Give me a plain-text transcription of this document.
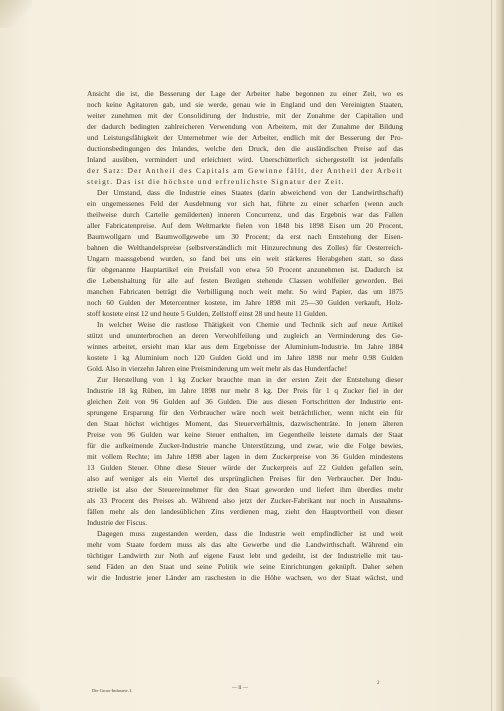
Ansicht die ist, die Besserung der Lage der Arbeiter habe begonnen zu einer Zeit, wo es
noch keine Agitatoren gab, und sie werde, genau wie in England und den Vereinigten Staaten,
weiter zunehmen mit der Consolidirung der Industrie, mit der Zunahme der Capitalien und
der dadurch bedingten zahlreicheren Verwendung von Arbeitern, mit der Zunahme der Bildung
und Leistungsfähigkeit der Unternehmer wie der Arbeiter, endlich mit der Besserung der Pro-
ductionsbedingungen des Inlandes, welche den Druck, den die ausländischen Preise auf das
Inland ausüben, vermindert und erleichtert wird. Unerschütterlich sichergestellt ist jedenfalls
der Satz: Der Antheil des Capitals am Gewinne fällt, der Antheil der Arbeit
steigt. Das ist die höchste und erfreulichste Signatur der Zeit.
Der Umstand, dass die Industrie eines Staates (darin abweichend von der Landwirthschaft)
ein ungemessenes Feld der Ausdehnung vor sich hat, führte zu einer scharfen (wenn auch
theilweise durch Cartelle gemilderten) inneren Concurrenz, und das Ergebnis war das Fallen
aller Fabricatenpreise. Auf dem Weltmarkte fielen von 1848 bis 1898 Eisen um 20 Procent,
Baumwollgarn und Baumwollgewebe um 30 Procent; da erst nach Entstehung der Eisen-
bahnen die Welthandelspreise (selbstverständlich mit Hinzurechnung des Zolles) für Oesterreich-
Ungarn maassgebend wurden, so fand bei uns ein weit stärkeres Herabgehen statt, so dass
für obgenannte Hauptartikel ein Preisfall von etwa 50 Procent anzunehmen ist. Dadurch ist
die Lebenshaltung für alle auf festen Bezügen stehende Classen wohlfeiler geworden. Bei
manchen Fabricaten beträgt die Verbilligung noch weit mehr. So wird Papier, das um 1875
noch 60 Gulden der Metercentner kostete, im Jahre 1898 mit 25—30 Gulden verkauft, Holz-
stoff kostete einst 12 und heute 5 Gulden, Zellstoff einst 28 und heute 11 Gulden.
In welcher Weise die rastlose Thätigkeit von Chemie und Technik sich auf neue Artikel
stützt und ununterbrochen an deren Verwohlfeilung und zugleich an Verminderung des Ge-
winnes arbeitet, ersieht man klar aus dem Ergebnisse der Aluminium-Industrie. Im Jahre 1884
kostete 1 kg Aluminium noch 120 Gulden Gold und im Jahre 1898 nur mehr 0.98 Gulden
Gold. Also in vierzehn Jahren eine Preisminderung um weit mehr als das Hundertfache!
Zur Herstellung von 1 kg Zucker brauchte man in der ersten Zeit der Entstehung dieser
Industrie 18 kg Rüben, im Jahre 1898 nur mehr 8 kg. Der Preis für 1 q Zucker fiel in der
gleichen Zeit von 96 Gulden auf 36 Gulden. Die aus diesen Fortschritten der Industrie ent-
sprungene Ersparung für den Verbraucher wäre noch weit beträchtlicher, wenn nicht ein für
den Staat höchst wichtiges Moment, das Steuerverhältnis, dazwischenträte. In jenem älteren
Preise von 96 Gulden war keine Steuer enthalten, im Gegentheile leistete damals der Staat
für die aufkeimende Zucker-Industrie manche Unterstützung, und zwar, wie die Folge bewies,
mit vollem Rechte; im Jahre 1898 aber lagen in dem Zuckerpreise von 36 Gulden mindestens
13 Gulden Steuer. Ohne diese Steuer würde der Zuckerpreis auf 22 Gulden gefallen sein,
also auf weniger als ein Viertel des ursprünglichen Preises für den Verbraucher. Der Indu-
strielle ist also der Steuereinnehmer für den Staat geworden und liefert ihm überdies mehr
als 33 Procent des Preises ab. Während also jetzt der Zucker-Fabrikant nur noch in Ausnahms-
fällen mehr als den landesüblichen Zins verdienen mag, zieht den Hauptvortheil von dieser
Industrie der Fiscus.
Dagegen muss zugestanden werden, dass die Industrie weit empfindlicher ist und weit
mehr vom Staate fordern muss als das alte Gewerbe und die Landwirthschaft. Während ein
tüchtiger Landwirth zur Noth auf eigene Faust lebt und gedeiht, ist der Industrielle mit tau-
send Fäden an den Staat und seine Politik wie seine Einrichtungen geknüpft. Daher sehen
wir die Industrie jener Länder am raschesten in die Höhe wachsen, wo der Staat wächst, und
2
Die Gross-Industrie. I.	— II —
